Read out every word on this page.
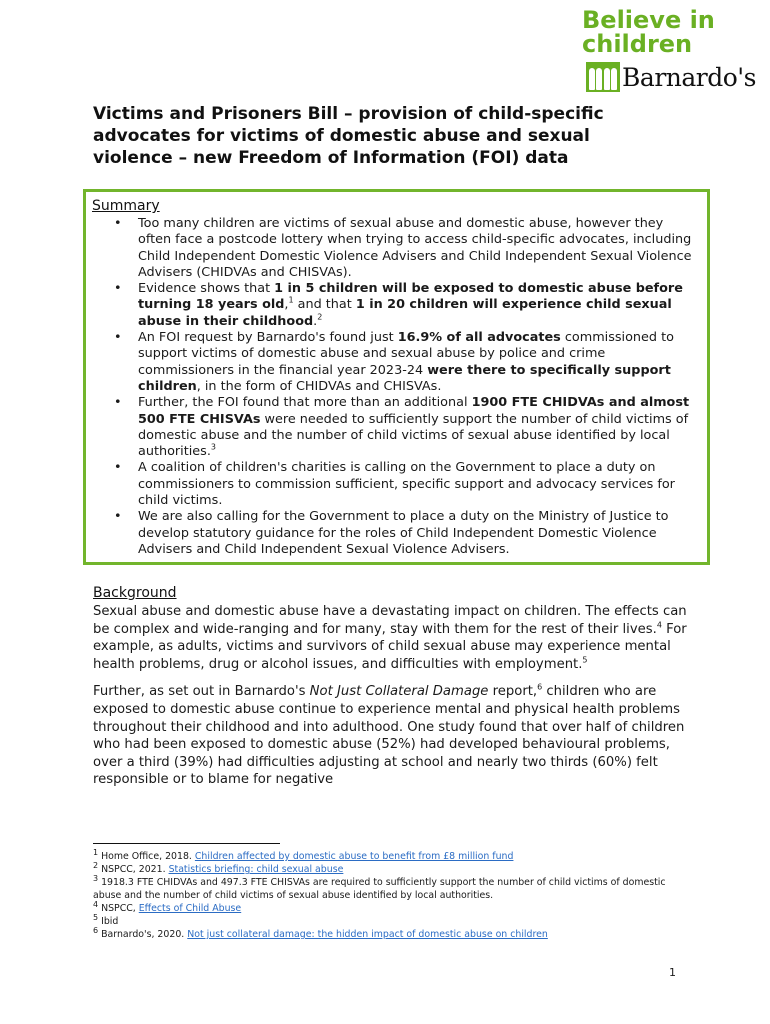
Believe in
children
Barnardo's
Victims and Prisoners Bill – provision of child-specific advocates for victims of domestic abuse and sexual violence – new Freedom of Information (FOI) data
Summary
• Too many children are victims of sexual abuse and domestic abuse, however they often face a postcode lottery when trying to access child-specific advocates, including Child Independent Domestic Violence Advisers and Child Independent Sexual Violence Advisers (CHIDVAs and CHISVAs).
• Evidence shows that 1 in 5 children will be exposed to domestic abuse before turning 18 years old,$^1$ and that 1 in 20 children will experience child sexual abuse in their childhood.$^2$
• An FOI request by Barnardo's found just 16.9% of all advocates commissioned to support victims of domestic abuse and sexual abuse by police and crime commissioners in the financial year 2023-24 were there to specifically support children, in the form of CHIDVAs and CHISVAs.
• Further, the FOI found that more than an additional 1900 FTE CHIDVAs and almost 500 FTE CHISVAs were needed to sufficiently support the number of child victims of domestic abuse and the number of child victims of sexual abuse identified by local authorities.$^3$
• A coalition of children's charities is calling on the Government to place a duty on commissioners to commission sufficient, specific support and advocacy services for child victims.
• We are also calling for the Government to place a duty on the Ministry of Justice to develop statutory guidance for the roles of Child Independent Domestic Violence Advisers and Child Independent Sexual Violence Advisers.
Background

Sexual abuse and domestic abuse have a devastating impact on children. The effects can be complex and wide-ranging and for many, stay with them for the rest of their lives.$^4$ For example, as adults, victims and survivors of child sexual abuse may experience mental health problems, drug or alcohol issues, and difficulties with employment.$^5$

Further, as set out in Barnardo's Not Just Collateral Damage report,$^6$ children who are exposed to domestic abuse continue to experience mental and physical health problems throughout their childhood and into adulthood. One study found that over half of children who had been exposed to domestic abuse (52%) had developed behavioural problems, over a third (39%) had difficulties adjusting at school and nearly two thirds (60%) felt responsible or to blame for negative

$^1$ Home Office, 2018. Children affected by domestic abuse to benefit from £8 million fund
$^2$ NSPCC, 2021. Statistics briefing: child sexual abuse
$^3$ 1918.3 FTE CHIDVAs and 497.3 FTE CHISVAs are required to sufficiently support the number of child victims of domestic abuse and the number of child victims of sexual abuse identified by local authorities.
$^4$ NSPCC, Effects of Child Abuse
$^5$ Ibid
$^6$ Barnardo's, 2020. Not just collateral damage: the hidden impact of domestic abuse on children
1
